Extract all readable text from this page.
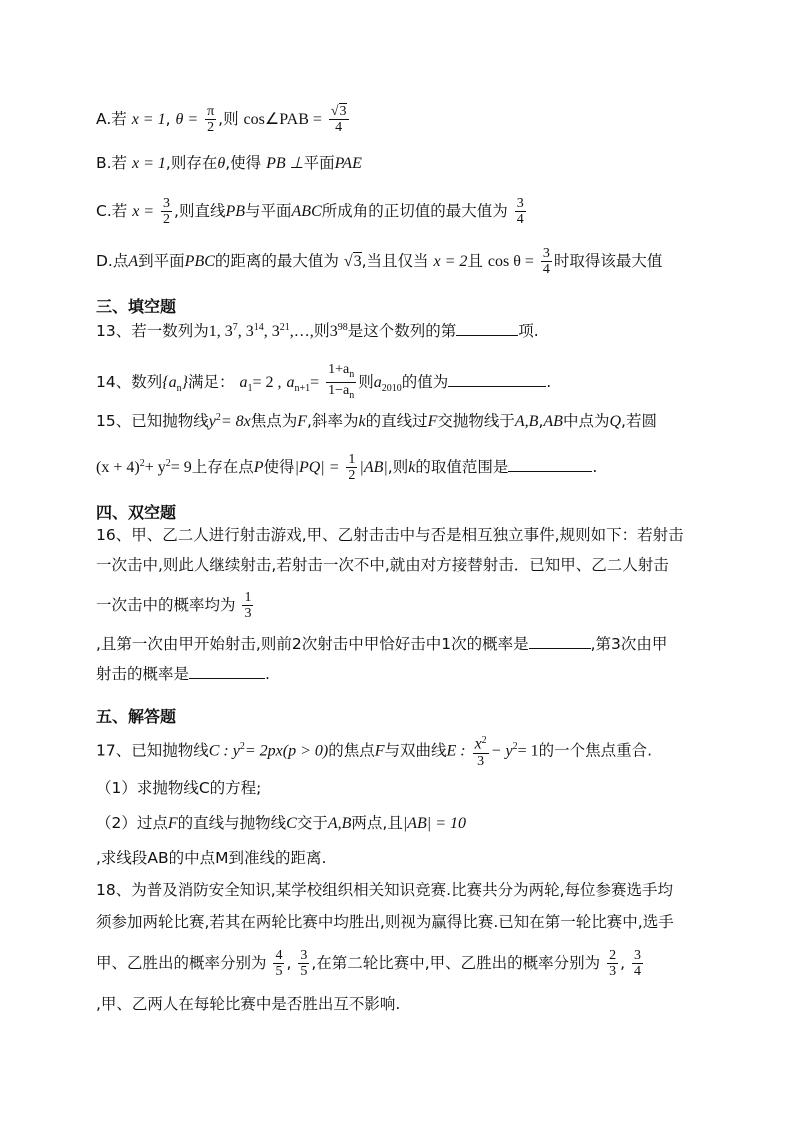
A.若 x = 1, $\theta = \frac{\pi}{2}$ ,则 cos∠PAB = $\frac{√3}{4}$
B.若 x = 1,则存在θ,使得 PB ⊥平面PAE
C.若 $x = \frac{3}{2}$ ,则直线PB与平面ABC所成角的正切值的最大值为 $\frac{3}{4}$
D.点A到平面PBC的距离的最大值为 √3,当且仅当 x = 2且 $\cos \theta = \frac{3}{4}$ 时取得该最大值
三、填空题
13、若一数列为1, $3^7$, $3^{14}$, $3^{21},\dots$,则$3^{98}$是这个数列的第	项.
14、数列$\{a_n\}$满足： $a_1= 2$ , $a_{n+1}= \frac{1+a_n}{1-a_n}$ 则$a_{2010}$的值为	.
15、已知抛物线$y^2= 8x$焦点为F,斜率为k的直线过F交抛物线于A,B,AB中点为Q,若圆
$(x + 4)^2+ y^2= 9$上存在点P使得$|PQ| = \frac{1}{2} |AB|$,则k的取值范围是	.
四、双空题
16、甲、乙二人进行射击游戏,甲、乙射击击中与否是相互独立事件,规则如下：若射击
一次击中,则此人继续射击,若射击一次不中,就由对方接替射击．已知甲、乙二人射击
一次击中的概率均为 $\frac{1}{3}$
,且第一次由甲开始射击,则前2次射击中甲恰好击中1次的概率是	,第3次由甲
射击的概率是	.
五、解答题
17、已知抛物线C : $y^2= 2px(p > 0)$的焦点F与双曲线E : $\frac{x^2}{3} - y^2= 1$的一个焦点重合.
（1）求抛物线C的方程;
（2）过点F的直线与抛物线C交于A,B两点,且|AB| = 10
,求线段AB的中点M到准线的距离.
18、为普及消防安全知识,某学校组织相关知识竞赛.比赛共分为两轮,每位参赛选手均
须参加两轮比赛,若其在两轮比赛中均胜出,则视为赢得比赛.已知在第一轮比赛中,选手
甲、乙胜出的概率分别为 $\frac{4}{5}$ , $\frac{3}{5}$ ,在第二轮比赛中,甲、乙胜出的概率分别为 $\frac{2}{3}$ , $\frac{3}{4}$
,甲、乙两人在每轮比赛中是否胜出互不影响.
